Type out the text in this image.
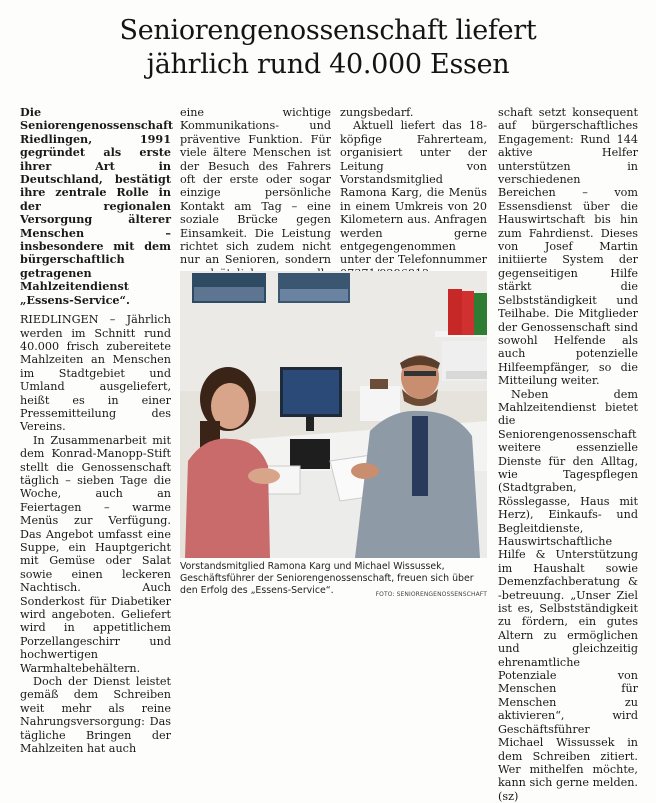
Seniorengenossenschaft liefert
jährlich rund 40.000 Essen

Die Seniorengenossenschaft Riedlingen, 1991 gegründet als erste ihrer Art in Deutschland, bestätigt ihre zentrale Rolle in der regionalen Versorgung älterer Menschen – insbesondere mit dem bürgerschaftlich getragenen Mahlzeitendienst „Essens-Service“.

RIEDLINGEN – Jährlich werden im Schnitt rund 40.000 frisch zubereitete Mahlzeiten an Menschen im Stadtgebiet und Umland ausgeliefert, heißt es in einer Pressemitteilung des Vereins.

In Zusammenarbeit mit dem Konrad-Manopp-Stift stellt die Genossenschaft täglich – sieben Tage die Woche, auch an Feiertagen – warme Menüs zur Verfügung. Das Angebot umfasst eine Suppe, ein Hauptgericht mit Gemüse oder Salat sowie einen leckeren Nachtisch. Auch Sonderkost für Diabetiker wird angeboten. Geliefert wird in appetitlichem Porzellangeschirr und hochwertigen Warmhaltebehältern.

Doch der Dienst leistet gemäß dem Schreiben weit mehr als reine Nahrungsversorgung: Das tägliche Bringen der Mahlzeiten hat auch

eine wichtige Kommunikations- und präventive Funktion. Für viele ältere Menschen ist der Besuch des Fahrers oft der erste oder sogar einzige persönliche Kontakt am Tag – eine soziale Brücke gegen Einsamkeit. Die Leistung richtet sich zudem nicht nur an Senioren, sondern

zungsbedarf.

Aktuell liefert das 18-köpfige Fahrerteam, organisiert unter der Leitung von Vorstandsmitglied Ramona Karg, die Menüs in einem Umkreis von 20 Kilometern aus. Anfragen werden gerne entgegengenommen unter der Telefonnummer

schaft setzt konsequent auf bürgerschaftliches Engagement: Rund 144 aktive Helfer unterstützen in verschiedenen Bereichen – vom Essensdienst über die Hauswirtschaft bis hin zum Fahrdienst. Dieses von Josef Martin initiierte System der gegenseitigen Hilfe stärkt die Selbstständigkeit und Teilhabe. Die Mitglieder der Genossenschaft sind sowohl Helfende als auch potenzielle Hilfeempfänger, so die Mitteilung weiter.

Neben dem Mahlzeitendienst bietet die Seniorengenossenschaft weitere essenzielle Dienste für den Alltag, wie Tagespflegen (Stadtgraben, Rösslegasse, Haus mit Herz), Einkaufs- und Begleitdienste, Hauswirtschaftliche Hilfe & Unterstützung im Haushalt sowie Demenzfachberatung & -betreuung. „Unser Ziel ist es, Selbstständigkeit zu fördern, ein gutes Altern zu ermöglichen und gleichzeitig ehrenamtliche Potenziale von Menschen für Menschen zu aktivieren“, wird Geschäftsführer Michael Wissussek in dem Schreiben zitiert. Wer mithelfen möchte, kann sich gerne melden. (sz)

Vorstandsmitglied Ramona Karg und Michael Wissussek, Geschäftsführer der Seniorengenossenschaft, freuen sich über den Erfolg des „Essens-Service“.	FOTO: SENIORENGENOSSENSCHAFT
